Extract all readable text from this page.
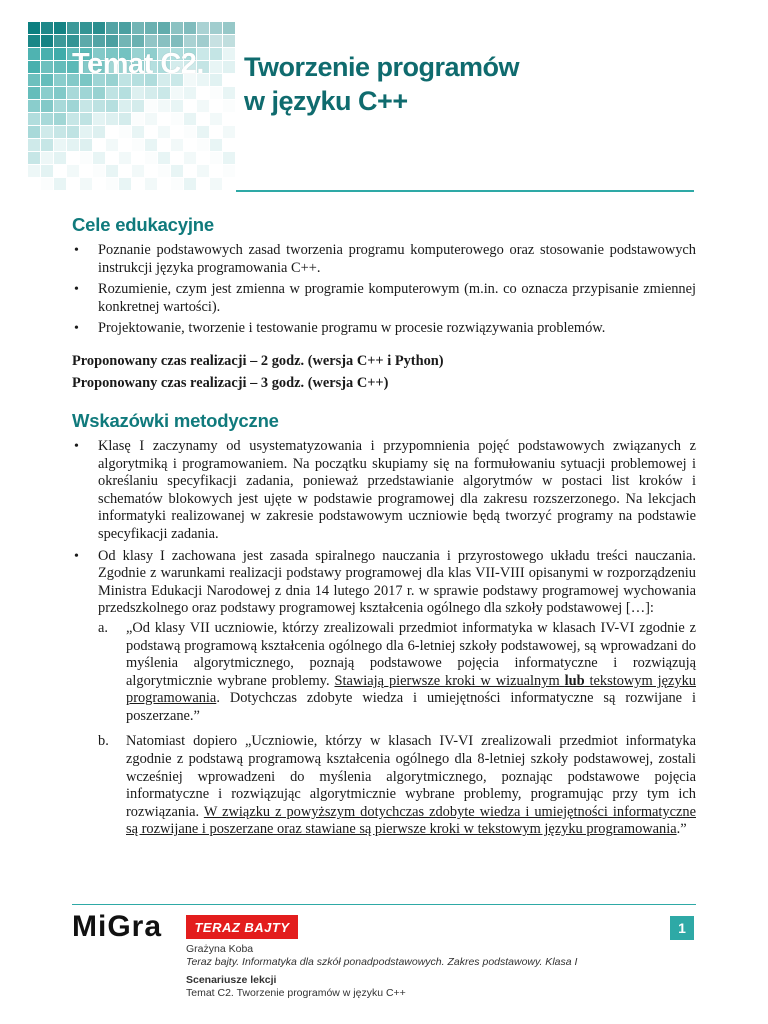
Temat C2. Tworzenie programów
w języku C++
Cele edukacyjne
• Poznanie podstawowych zasad tworzenia programu komputerowego oraz stosowanie podstawowych instrukcji języka programowania C++.
• Rozumienie, czym jest zmienna w programie komputerowym (m.in. co oznacza przypisanie zmiennej konkretnej wartości).
• Projektowanie, tworzenie i testowanie programu w procesie rozwiązywania problemów.

Proponowany czas realizacji – 2 godz. (wersja C++ i Python)

Proponowany czas realizacji – 3 godz. (wersja C++)

Wskazówki metodyczne
• Klasę I zaczynamy od usystematyzowania i przypomnienia pojęć podstawowych związanych z algorytmiką i programowaniem. Na początku skupiamy się na formułowaniu sytuacji problemowej i określaniu specyfikacji zadania, ponieważ przedstawianie algorytmów w postaci list kroków i schematów blokowych jest ujęte w podstawie programowej dla zakresu rozszerzonego. Na lekcjach informatyki realizowanej w zakresie podstawowym uczniowie będą tworzyć programy na podstawie specyfikacji zadania.
• Od klasy I zachowana jest zasada spiralnego nauczania i przyrostowego układu treści nauczania. Zgodnie z warunkami realizacji podstawy programowej dla klas VII-VIII opisanymi w rozporządzeniu Ministra Edukacji Narodowej z dnia 14 lutego 2017 r. w sprawie podstawy programowej wychowania przedszkolnego oraz podstawy programowej kształcenia ogólnego dla szkoły podstawowej […]:
a. „Od klasy VII uczniowie, którzy zrealizowali przedmiot informatyka w klasach IV-VI zgodnie z podstawą programową kształcenia ogólnego dla 6-letniej szkoły podstawowej, są wprowadzani do myślenia algorytmicznego, poznają podstawowe pojęcia informatyczne i rozwiązują algorytmicznie wybrane problemy. Stawiają pierwsze kroki w wizualnym lub tekstowym języku programowania. Dotychczas zdobyte wiedza i umiejętności informatyczne są rozwijane i poszerzane.”
b. Natomiast dopiero „Uczniowie, którzy w klasach IV-VI zrealizowali przedmiot informatyka zgodnie z podstawą programową kształcenia ogólnego dla 8-letniej szkoły podstawowej, zostali wcześniej wprowadzeni do myślenia algorytmicznego, poznając podstawowe pojęcia informatyczne i rozwiązując algorytmicznie wybrane problemy, programując przy tym ich rozwiązania. W związku z powyższym dotychczas zdobyte wiedza i umiejętności informatyczne są rozwijane i poszerzane oraz stawiane są pierwsze kroki w tekstowym języku programowania.”
MiGra	TERAZ BAJTY	1
Grażyna Koba
Teraz bajty. Informatyka dla szkół ponadpodstawowych. Zakres podstawowy. Klasa I
Scenariusze lekcji
Temat C2. Tworzenie programów w języku C++
